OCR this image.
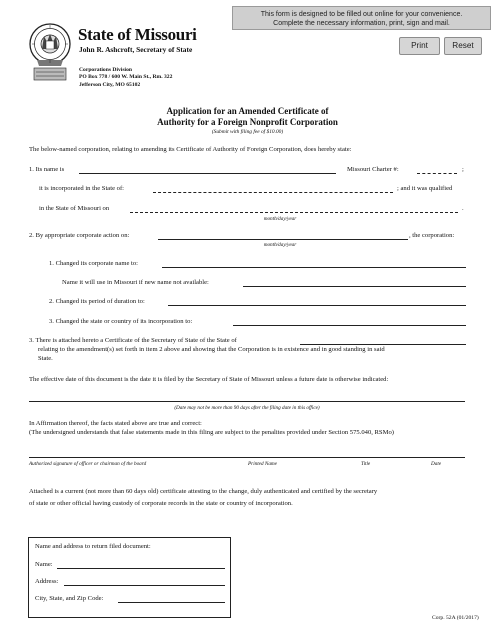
State of Missouri
John R. Ashcroft, Secretary of State
Corporations Division
PO Box 778 / 600 W. Main St., Rm. 322
Jefferson City, MO 65102
This form is designed to be filled out online for your convenience.
Complete the necessary information, print, sign and mail.
Print	Reset
Application for an Amended Certificate of
Authority for a Foreign Nonprofit Corporation
(Submit with filing fee of $10.00)
The below-named corporation, relating to amending its Certificate of Authority of Foreign Corporation, does hereby state:
1. Its name is	Missouri Charter #:	;
it is incorporated in the State of:	; and it was qualified
in the State of Missouri on	.
month/day/year
2. By appropriate corporate action on:	, the corporation:
month/day/year
1. Changed its corporate name to:
Name it will use in Missouri if new name not available:
2. Changed its period of duration to:
3. Changed the state or country of its incorporation to:
3. There is attached hereto a Certificate of the Secretary of State of the State of
relating to the amendment(s) set forth in item 2 above and showing that the Corporation is in existence and in good standing in said
State.
The effective date of this document is the date it is filed by the Secretary of State of Missouri unless a future date is otherwise indicated:
(Date may not be more than 90 days after the filing date in this office)
In Affirmation thereof, the facts stated above are true and correct:
(The undersigned understands that false statements made in this filing are subject to the penalites provided under Section 575.040, RSMo)
Authorized signature of officer or chairman of the board	Printed Name	Title	Date
Attached is a current (not more than 60 days old) certificate attesting to the change, duly authenticated and certified by the secretary
of state or other official having custody of corporate records in the state or country of incorporation.
Name and address to return filed document:
Name:
Address:
City, State, and Zip Code:
Corp. 52A (01/2017)
